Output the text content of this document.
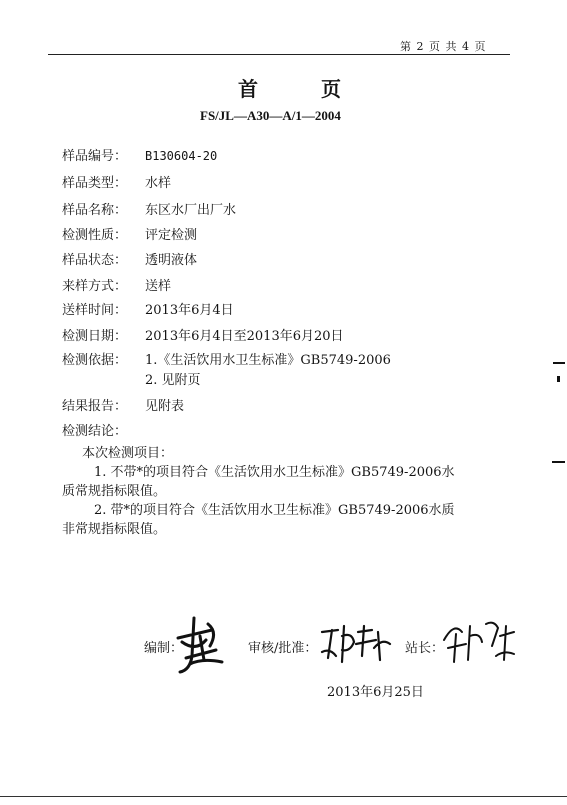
第 2 页 共 4 页
首 页
FS/JL—A30—A/1—2004
样品编号： B130604-20
样品类型： 水样
样品名称： 东区水厂出厂水
检测性质： 评定检测
样品状态： 透明液体
来样方式： 送样
送样时间： 2013年6月4日
检测日期： 2013年6月4日至2013年6月20日
检测依据： 1.《生活饮用水卫生标准》GB5749-2006
2. 见附页
结果报告： 见附表
检测结论：
本次检测项目：
1. 不带*的项目符合《生活饮用水卫生标准》GB5749-2006水
质常规指标限值。
2. 带*的项目符合《生活饮用水卫生标准》GB5749-2006水质
非常规指标限值。
编制：	审核/批准：	站长：
2013年6月25日
